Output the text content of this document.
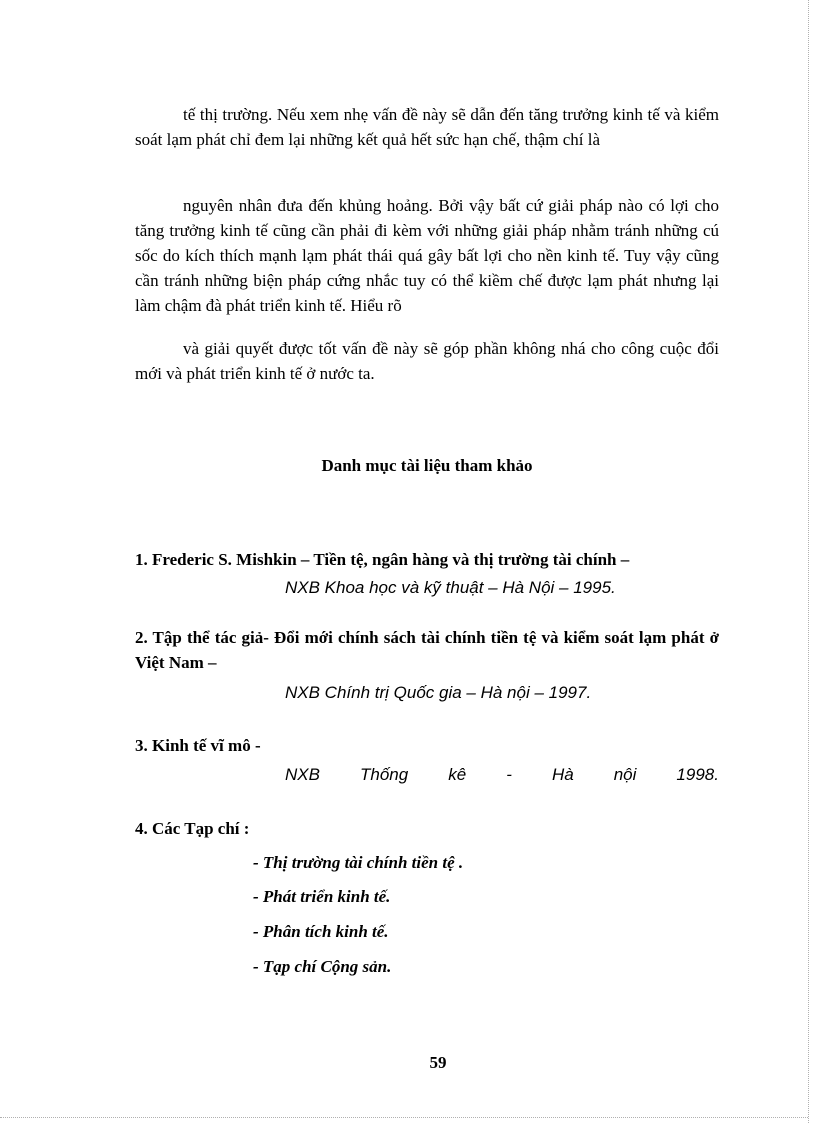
tế thị trường. Nếu xem nhẹ vấn đề này sẽ dẫn đến tăng trưởng kinh tế và kiểm soát lạm phát chỉ đem lại những kết quả hết sức hạn chế, thậm chí là

nguyên nhân đưa đến khủng hoảng. Bởi vậy bất cứ giải pháp nào có lợi cho tăng trưởng kinh tế cũng cần phải đi kèm với những giải pháp nhằm tránh những cú sốc do kích thích mạnh lạm phát thái quá gây bất lợi cho nền kinh tế. Tuy vậy cũng cần tránh những biện pháp cứng nhắc tuy có thể kiềm chế được lạm phát nhưng lại làm chậm đà phát triển kinh tế. Hiểu rõ

và giải quyết được tốt vấn đề này sẽ góp phần không nhá cho công cuộc đổi mới và phát triển kinh tế ở nước ta.

Danh mục tài liệu tham khảo

1. Frederic S. Mishkin – Tiền tệ, ngân hàng và thị trường tài chính –

NXB Khoa học và kỹ thuật – Hà Nội – 1995.

2. Tập thể tác giả- Đổi mới chính sách tài chính tiền tệ và kiểm soát lạm phát ở Việt Nam –

NXB Chính trị Quốc gia – Hà nội – 1997.

3. Kinh tế vĩ mô -

NXB Thống kê - Hà nội 1998.

4. Các Tạp chí :

- Thị trường tài chính tiền tệ .

- Phát triển kinh tế.

- Phân tích kinh tế.

- Tạp chí Cộng sản.

59
